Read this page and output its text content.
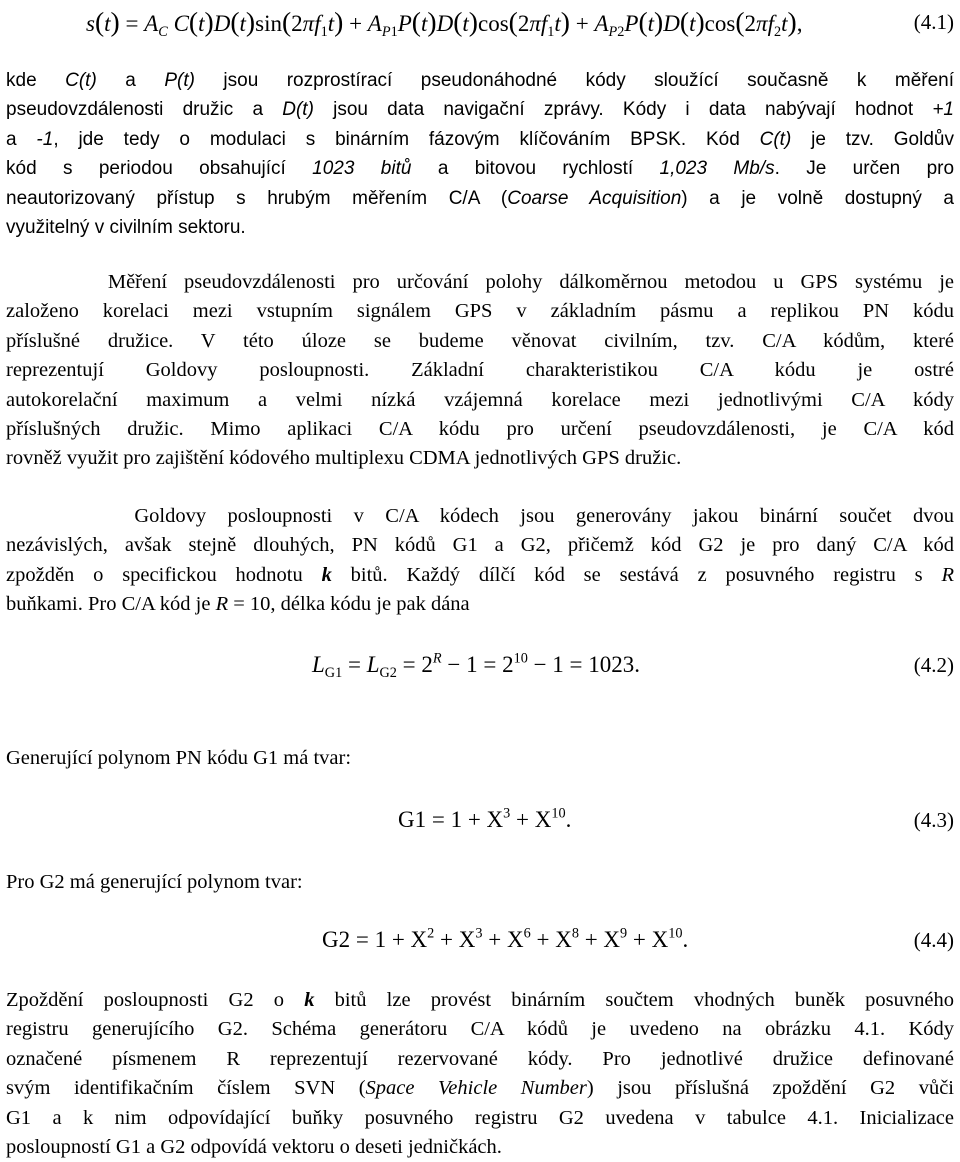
$s(t) = A_C$ $C(t)D(t)\sin(2\pi f_1t) + A_{P1}P(t)D(t)\cos(2\pi f_1t) + A_{P2}P(t)D(t)\cos(2\pi f_2t)$,	(4.1)
kde C(t) a P(t) jsou rozprostírací pseudonáhodné kódy sloužící současně k měření
pseudovzdálenosti družic a D(t) jsou data navigační zprávy. Kódy i data nabývají hodnot +1
a -1, jde tedy o modulaci s binárním fázovým klíčováním BPSK. Kód C(t) je tzv. Goldův
kód s periodou obsahující 1023 bitů a bitovou rychlostí 1,023 Mb/s. Je určen pro
neautorizovaný přístup s hrubým měřením C/A (Coarse Acquisition) a je volně dostupný a
využitelný v civilním sektoru.
Měření pseudovzdálenosti pro určování polohy dálkoměrnou metodou u GPS systému je
založeno korelaci mezi vstupním signálem GPS v základním pásmu a replikou PN kódu
příslušné družice. V této úloze se budeme věnovat civilním, tzv. C/A kódům, které
reprezentují Goldovy posloupnosti. Základní charakteristikou C/A kódu je ostré
autokorelační maximum a velmi nízká vzájemná korelace mezi jednotlivými C/A kódy
příslušných družic. Mimo aplikaci C/A kódu pro určení pseudovzdálenosti, je C/A kód
rovněž využit pro zajištění kódového multiplexu CDMA jednotlivých GPS družic.
Goldovy posloupnosti v C/A kódech jsou generovány jakou binární součet dvou
nezávislých, avšak stejně dlouhých, PN kódů G1 a G2, přičemž kód G2 je pro daný C/A kód
zpožděn o specifickou hodnotu k bitů. Každý dílčí kód se sestává z posuvného registru s R
buňkami. Pro C/A kód je R = 10, délka kódu je pak dána
$L_{G1} = L_{G2} = 2^R - 1 = 2^{10} - 1 = 1023$.	(4.2)
Generující polynom PN kódu G1 má tvar:
$G1 = 1 + X^3 + X^{10}$.	(4.3)
Pro G2 má generující polynom tvar:
$G2 = 1 + X^2 + X^3 + X^6 + X^8 + X^9 + X^{10}$.	(4.4)
Zpoždění posloupnosti G2 o k bitů lze provést binárním součtem vhodných buněk posuvného
registru generujícího G2. Schéma generátoru C/A kódů je uvedeno na obrázku 4.1. Kódy
označené písmenem R reprezentují rezervované kódy. Pro jednotlivé družice definované
svým identifikačním číslem SVN (Space Vehicle Number) jsou příslušná zpoždění G2 vůči
G1 a k nim odpovídající buňky posuvného registru G2 uvedena v tabulce 4.1. Inicializace
posloupností G1 a G2 odpovídá vektoru o deseti jedničkách.
